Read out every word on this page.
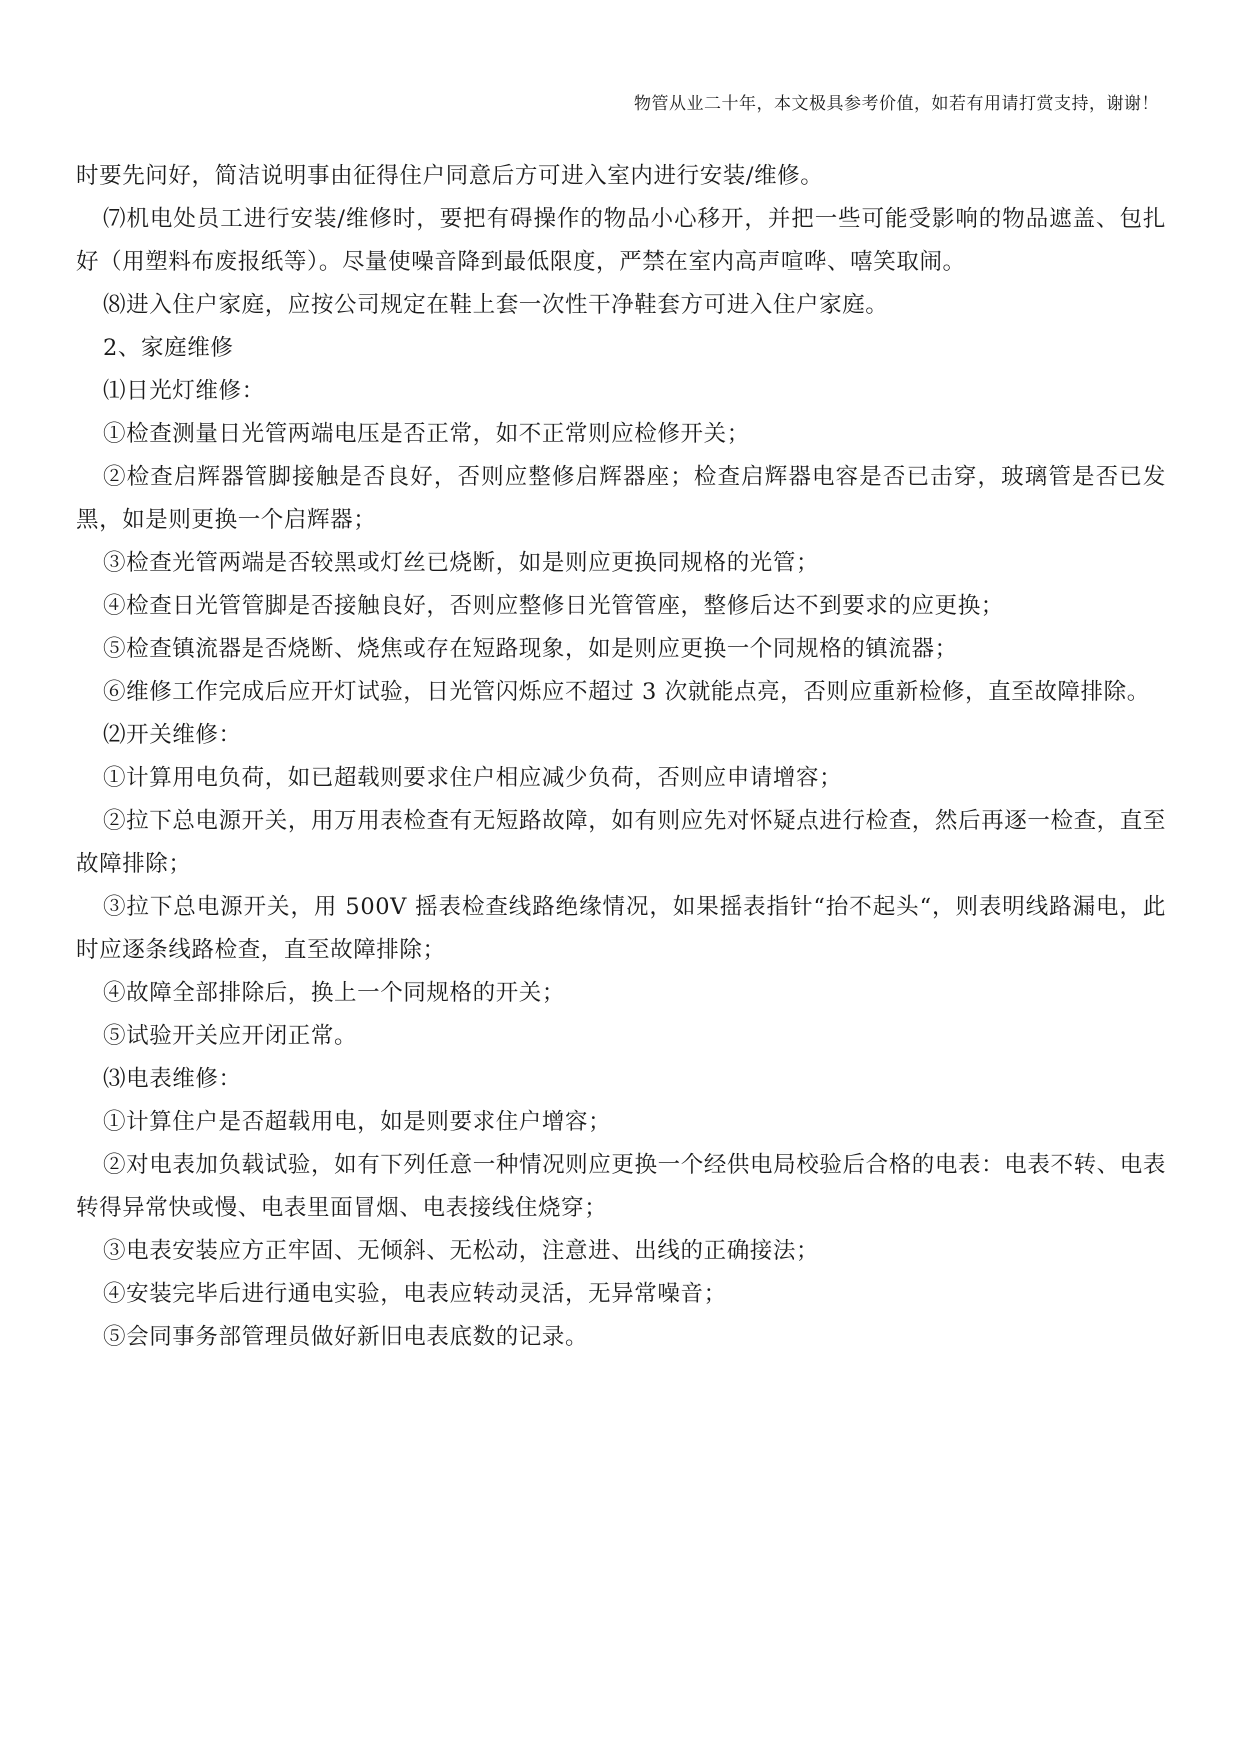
物管从业二十年，本文极具参考价值，如若有用请打赏支持，谢谢！

时要先问好，简洁说明事由征得住户同意后方可进入室内进行安装/维修。

⑺机电处员工进行安装/维修时，要把有碍操作的物品小心移开，并把一些可能受影响的物品遮盖、包扎好（用塑料布废报纸等）。尽量使噪音降到最低限度，严禁在室内高声喧哗、嘻笑取闹。

⑻进入住户家庭，应按公司规定在鞋上套一次性干净鞋套方可进入住户家庭。

2、家庭维修

⑴日光灯维修：

①检查测量日光管两端电压是否正常，如不正常则应检修开关；

②检查启辉器管脚接触是否良好，否则应整修启辉器座；检查启辉器电容是否已击穿，玻璃管是否已发黑，如是则更换一个启辉器；

③检查光管两端是否较黑或灯丝已烧断，如是则应更换同规格的光管；

④检查日光管管脚是否接触良好，否则应整修日光管管座，整修后达不到要求的应更换；

⑤检查镇流器是否烧断、烧焦或存在短路现象，如是则应更换一个同规格的镇流器；

⑥维修工作完成后应开灯试验，日光管闪烁应不超过 3 次就能点亮，否则应重新检修，直至故障排除。

⑵开关维修：

①计算用电负荷，如已超载则要求住户相应减少负荷，否则应申请增容；

②拉下总电源开关，用万用表检查有无短路故障，如有则应先对怀疑点进行检查，然后再逐一检查，直至故障排除；

③拉下总电源开关，用 500V 摇表检查线路绝缘情况，如果摇表指针“抬不起头“，则表明线路漏电，此时应逐条线路检查，直至故障排除；

④故障全部排除后，换上一个同规格的开关；

⑤试验开关应开闭正常。

⑶电表维修：

①计算住户是否超载用电，如是则要求住户增容；

②对电表加负载试验，如有下列任意一种情况则应更换一个经供电局校验后合格的电表：电表不转、电表转得异常快或慢、电表里面冒烟、电表接线住烧穿；

③电表安装应方正牢固、无倾斜、无松动，注意进、出线的正确接法；

④安装完毕后进行通电实验，电表应转动灵活，无异常噪音；

⑤会同事务部管理员做好新旧电表底数的记录。
